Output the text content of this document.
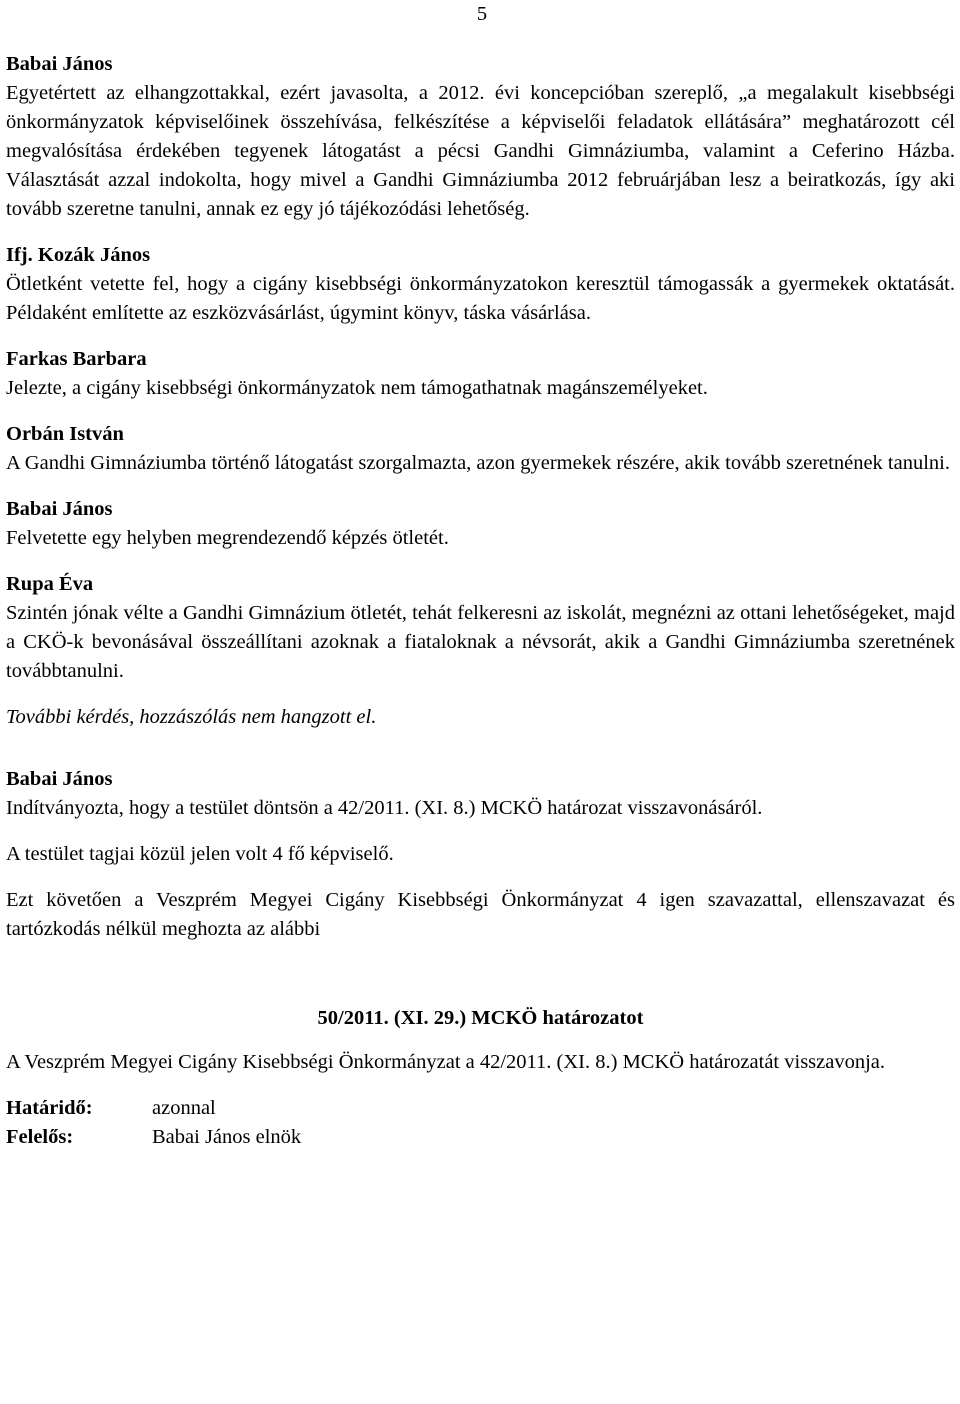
5

Babai János

Egyetértett az elhangzottakkal, ezért javasolta, a 2012. évi koncepcióban szereplő, „a megalakult kisebbségi önkormányzatok képviselőinek összehívása, felkészítése a képviselői feladatok ellátására” meghatározott cél megvalósítása érdekében tegyenek látogatást a pécsi Gandhi Gimnáziumba, valamint a Ceferino Házba. Választását azzal indokolta, hogy mivel a Gandhi Gimnáziumba 2012 februárjában lesz a beiratkozás, így aki tovább szeretne tanulni, annak ez egy jó tájékozódási lehetőség.

Ifj. Kozák János

Ötletként vetette fel, hogy a cigány kisebbségi önkormányzatokon keresztül támogassák a gyermekek oktatását. Példaként említette az eszközvásárlást, úgymint könyv, táska vásárlása.

Farkas Barbara

Jelezte, a cigány kisebbségi önkormányzatok nem támogathatnak magánszemélyeket.

Orbán István

A Gandhi Gimnáziumba történő látogatást szorgalmazta, azon gyermekek részére, akik tovább szeretnének tanulni.

Babai János

Felvetette egy helyben megrendezendő képzés ötletét.

Rupa Éva

Szintén jónak vélte a Gandhi Gimnázium ötletét, tehát felkeresni az iskolát, megnézni az ottani lehetőségeket, majd a CKÖ-k bevonásával összeállítani azoknak a fiataloknak a névsorát, akik a Gandhi Gimnáziumba szeretnének továbbtanulni.

További kérdés, hozzászólás nem hangzott el.

Babai János

Indítványozta, hogy a testület döntsön a 42/2011. (XI. 8.) MCKÖ határozat visszavonásáról.

A testület tagjai közül jelen volt 4 fő képviselő.

Ezt követően a Veszprém Megyei Cigány Kisebbségi Önkormányzat 4 igen szavazattal, ellenszavazat és tartózkodás nélkül meghozta az alábbi

50/2011. (XI. 29.) MCKÖ határozatot

A Veszprém Megyei Cigány Kisebbségi Önkormányzat a 42/2011. (XI. 8.) MCKÖ határozatát visszavonja.

Határidő:	azonnal
Felelős:	Babai János elnök
